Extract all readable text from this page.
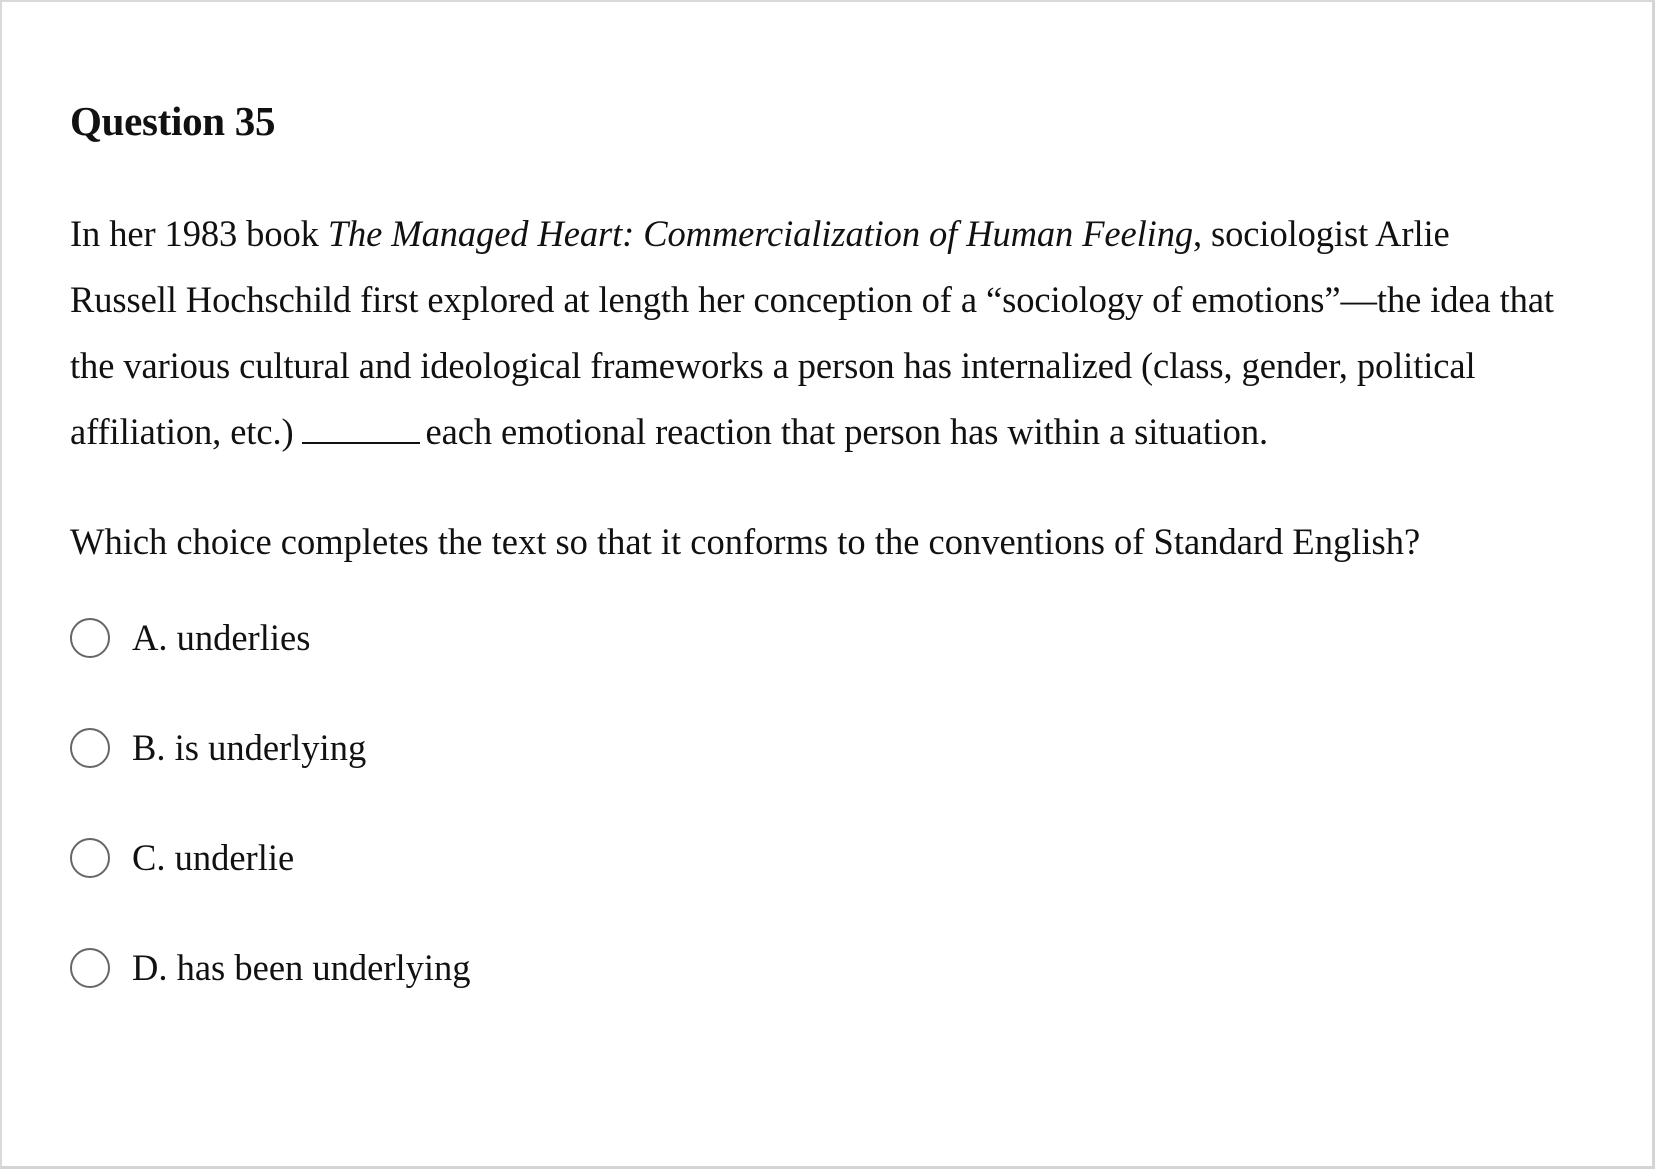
Question 35

In her 1983 book The Managed Heart: Commercialization of Human Feeling, sociologist Arlie Russell Hochschild first explored at length her conception of a “sociology of emotions”—the idea that the various cultural and ideological frameworks a person has internalized (class, gender, political affiliation, etc.)	each emotional reaction that person has within a situation.

Which choice completes the text so that it conforms to the conventions of Standard English?

A. underlies
B. is underlying
C. underlie
D. has been underlying
